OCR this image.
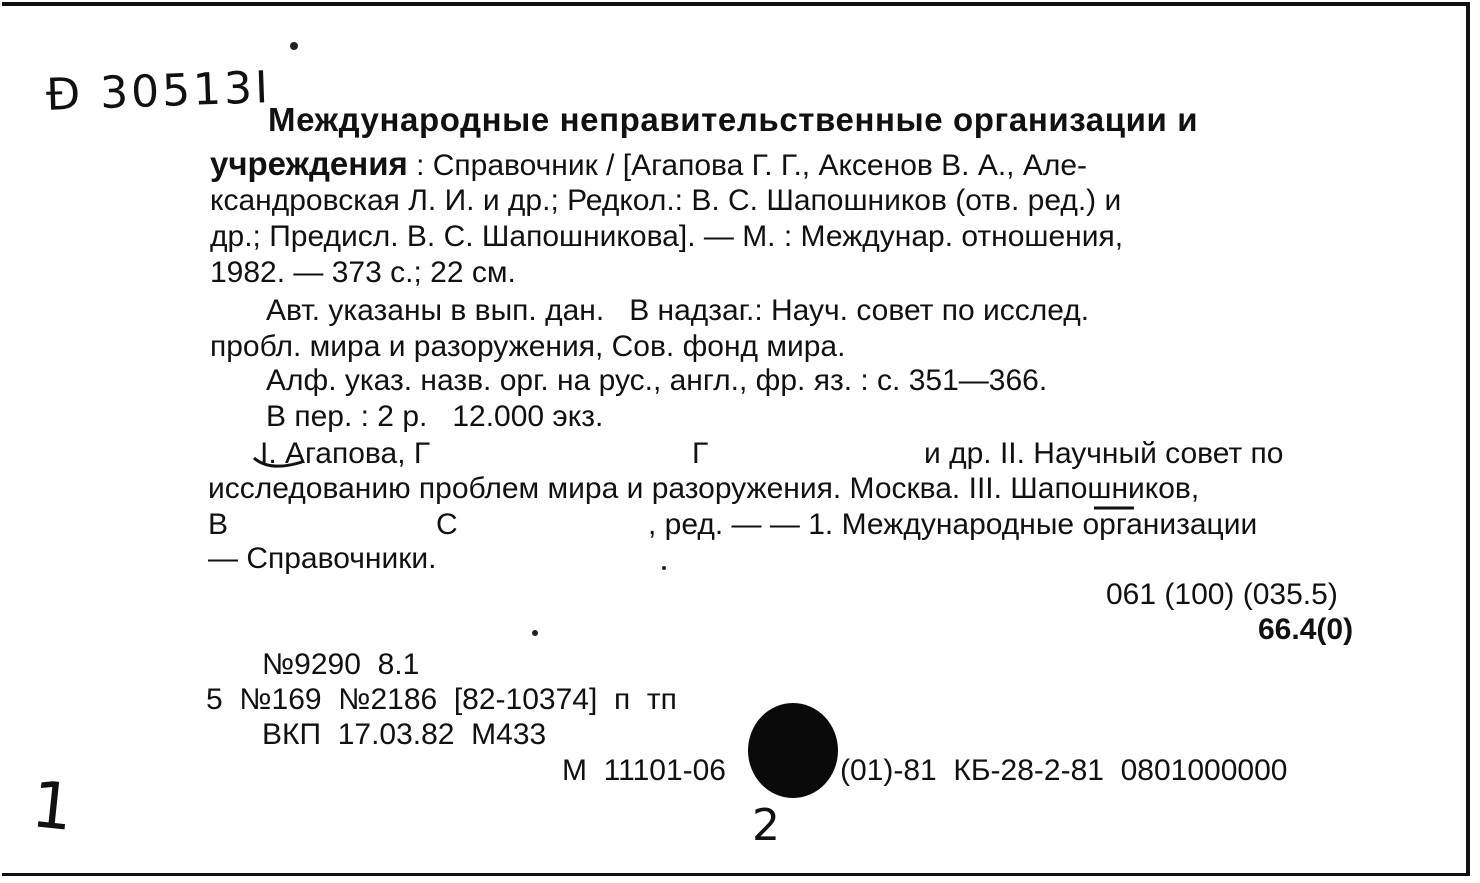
Đ 30513I
Международные неправительственные организации и
учреждения : Справочник / [Агапова Г. Г., Аксенов В. А., Але-
ксандровская Л. И. и др.; Редкол.: В. С. Шапошников (отв. ред.) и
др.; Предисл. В. С. Шапошникова]. — М. : Междунар. отношения,
1982. — 373 с.; 22 см.
Авт. указаны в вып. дан.   В надзаг.: Науч. совет по исслед.
пробл. мира и разоружения, Сов. фонд мира.
Алф. указ. назв. орг. на рус., англ., фр. яз. : с. 351—366.
В пер. : 2 р.   12.000 экз.
I. Агапова, Г	Г	и др. II. Научный совет по
исследованию проблем мира и разоружения. Москва. III. Шапошников,
В	С	, ред. — — 1. Международные организации
— Справочники.
061 (100) (035.5)
66.4(0)
№9290  8.1
5  №169  №2186  [82-10374]  п  тп
ВКП  17.03.82  М433
М  11101-06	(01)-81  КБ-28-2-81  0801000000
1	2
